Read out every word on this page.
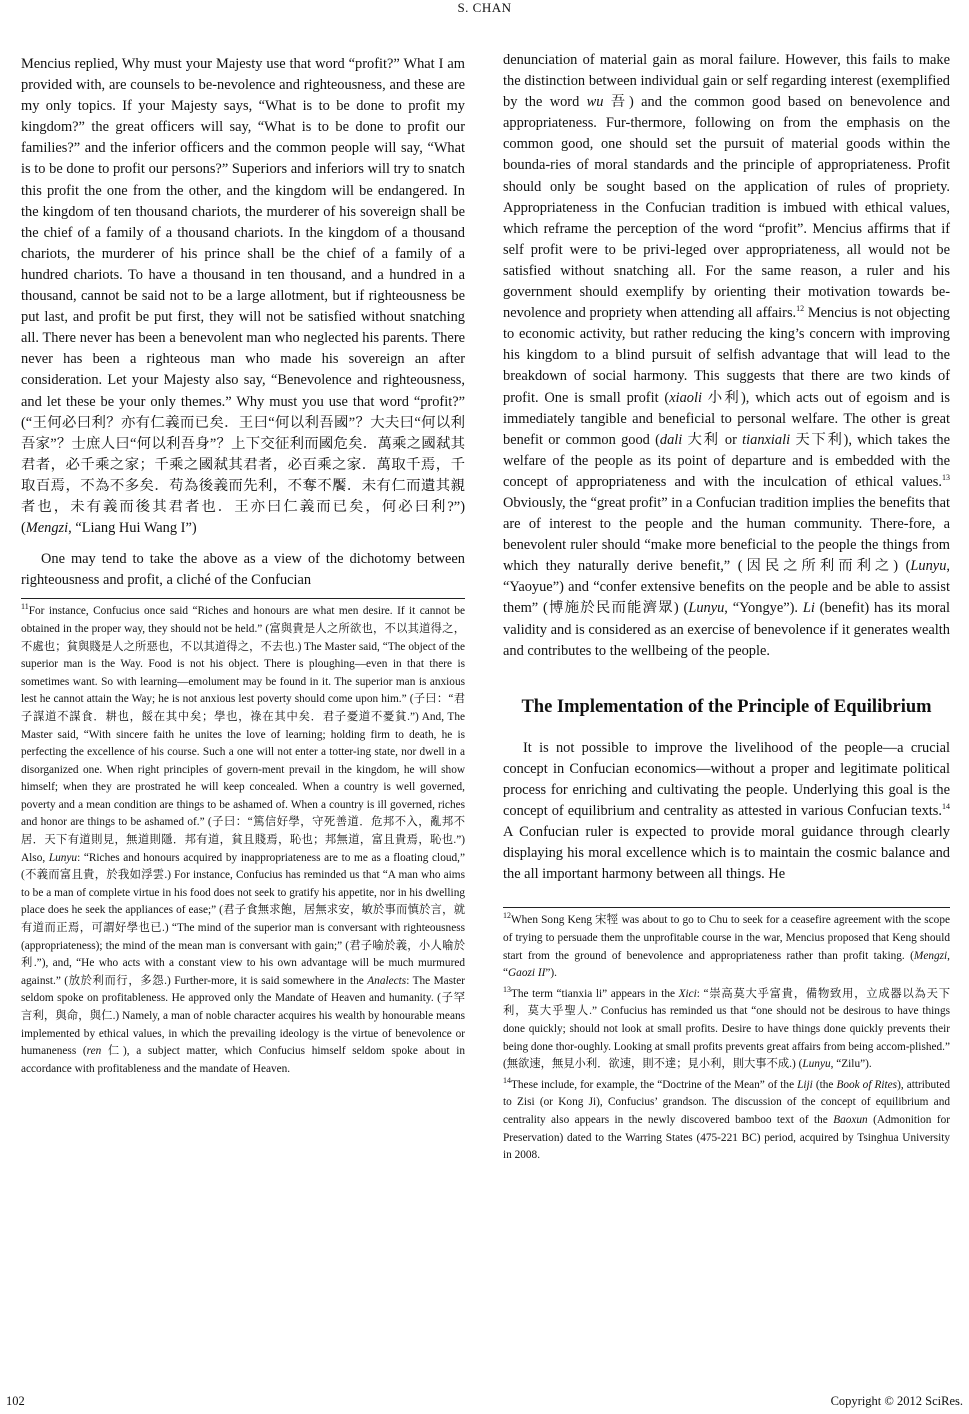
S. CHAN

Mencius replied, Why must your Majesty use that word “profit?” What I am provided with, are counsels to be-nevolence and righteousness, and these are my only topics. If your Majesty says, “What is to be done to profit my kingdom?” the great officers will say, “What is to be done to profit our families?” and the inferior officers and the common people will say, “What is to be done to profit our persons?” Superiors and inferiors will try to snatch this profit the one from the other, and the kingdom will be endangered. In the kingdom of ten thousand chariots, the murderer of his sovereign shall be the chief of a family of a thousand chariots. In the kingdom of a thousand chariots, the murderer of his prince shall be the chief of a family of a hundred chariots. To have a thousand in ten thousand, and a hundred in a thousand, cannot be said not to be a large allotment, but if righteousness be put last, and profit be put first, they will not be satisfied without snatching all. There never has been a benevolent man who neglected his parents. There never has been a righteous man who made his sovereign an after consideration. Let your Majesty also say, “Benevolence and righteousness, and let these be your only themes.” Why must you use that word “profit?” (“王何必曰利？亦有仁義而已矣．王曰“何以利吾國”？大夫曰“何以利吾家”？士庶人曰“何以利吾身”？上下交征利而國危矣．萬乘之國弒其君者，必千乘之家；千乘之國弒其君者，必百乘之家．萬取千焉，千取百焉，不為不多矣．苟為後義而先利，不奪不饜．未有仁而遺其親者也，未有義而後其君者也．王亦曰仁義而已矣，何必曰利?”) (Mengzi, “Liang Hui Wang I”)

One may tend to take the above as a view of the dichotomy between righteousness and profit, a cliché of the Confucian

$^{11}$For instance, Confucius once said “Riches and honours are what men desire. If it cannot be obtained in the proper way, they should not be held.” (富與貴是人之所欲也，不以其道得之，不處也；貧與賤是人之所惡也，不以其道得之，不去也.) The Master said, “The object of the superior man is the Way. Food is not his object. There is ploughing—even in that there is sometimes want. So with learning—emolument may be found in it. The superior man is anxious lest he cannot attain the Way; he is not anxious lest poverty should come upon him.” (子曰：“君子謀道不謀食．耕也，餒在其中矣；學也，祿在其中矣．君子憂道不憂貧.”) And, The Master said, “With sincere faith he unites the love of learning; holding firm to death, he is perfecting the excellence of his course. Such a one will not enter a totter-ing state, nor dwell in a disorganized one. When right principles of govern-ment prevail in the kingdom, he will show himself; when they are prostrated he will keep concealed. When a country is well governed, poverty and a mean condition are things to be ashamed of. When a country is ill governed, riches and honor are things to be ashamed of.” (子曰：“篤信好學，守死善道．危邦不入，亂邦不居．天下有道則見，無道則隱．邦有道，貧且賤焉，恥也；邦無道，富且貴焉，恥也.”) Also, Lunyu: “Riches and honours acquired by inappropriateness are to me as a floating cloud,” (不義而富且貴，於我如浮雲.) For instance, Confucius has reminded us that “A man who aims to be a man of complete virtue in his food does not seek to gratify his appetite, nor in his dwelling place does he seek the appliances of ease;” (君子食無求飽，居無求安，敏於事而慎於言，就有道而正焉，可謂好學也已.) “The mind of the superior man is conversant with righteousness (appropriateness); the mind of the mean man is conversant with gain;” (君子喻於義，小人喻於利.”), and, “He who acts with a constant view to his own advantage will be much murmured against.” (放於利而行，多怨.) Further-more, it is said somewhere in the Analects: The Master seldom spoke on profitableness. He approved only the Mandate of Heaven and humanity. (子罕言利，與命，與仁.) Namely, a man of noble character acquires his wealth by honourable means implemented by ethical values, in which the prevailing ideology is the virtue of benevolence or humaneness (ren 仁), a subject matter, which Confucius himself seldom spoke about in accordance with profitableness and the mandate of Heaven.

denunciation of material gain as moral failure. However, this fails to make the distinction between individual gain or self regarding interest (exemplified by the word wu 吾) and the common good based on benevolence and appropriateness. Fur-thermore, following on from the emphasis on the common good, one should set the pursuit of material goods within the bounda-ries of moral standards and the principle of appropriateness. Profit should only be sought based on the application of rules of propriety. Appropriateness in the Confucian tradition is imbued with ethical values, which reframe the perception of the word “profit”. Mencius affirms that if self profit were to be privi-leged over appropriateness, all would not be satisfied without snatching all. For the same reason, a ruler and his government should exemplify by orienting their motivation towards be-nevolence and propriety when attending all affairs.$^{12}$ Mencius is not objecting to economic activity, but rather reducing the king’s concern with improving his kingdom to a blind pursuit of selfish advantage that will lead to the breakdown of social harmony. This suggests that there are two kinds of profit. One is small profit (xiaoli 小利), which acts out of egoism and is immediately tangible and beneficial to personal welfare. The other is great benefit or common good (dali 大利 or tianxiali 天下利), which takes the welfare of the people as its point of departure and is embedded with the concept of appropriateness and with the inculcation of ethical values.$^{13}$ Obviously, the “great profit” in a Confucian tradition implies the benefits that are of interest to the people and the human community. There-fore, a benevolent ruler should “make more beneficial to the people the things from which they naturally derive benefit,” (因民之所利而利之) (Lunyu, “Yaoyue”) and “confer extensive benefits on the people and be able to assist them” (博施於民而能濟眾) (Lunyu, “Yongye”). Li (benefit) has its moral validity and is considered as an exercise of benevolence if it generates wealth and contributes to the wellbeing of the people.

The Implementation of the Principle of Equilibrium

It is not possible to improve the livelihood of the people—a crucial concept in Confucian economics—without a proper and legitimate political process for enriching and cultivating the people. Underlying this goal is the concept of equilibrium and centrality as attested in various Confucian texts.$^{14}$ A Confucian ruler is expected to provide moral guidance through clearly displaying his moral excellence which is to maintain the cosmic balance and the all important harmony between all things. He

$^{12}$When Song Keng 宋牼 was about to go to Chu to seek for a ceasefire agreement with the scope of trying to persuade them the unprofitable course in the war, Mencius proposed that Keng should start from the ground of benevolence and appropriateness rather than profit taking. (Mengzi, “Gaozi II”).

$^{13}$The term “tianxia li” appears in the Xici: “崇高莫大乎富貴，備物致用，立成器以為天下利，莫大乎聖人.” Confucius has reminded us that “one should not be desirous to have things done quickly; should not look at small profits. Desire to have things done quickly prevents their being done thor-oughly. Looking at small profits prevents great affairs from being accom-plished.” (無欲速，無見小利．欲速，則不達；見小利，則大事不成.) (Lunyu, “Zilu”).

$^{14}$These include, for example, the “Doctrine of the Mean” of the Liji (the Book of Rites), attributed to Zisi (or Kong Ji), Confucius’ grandson. The discussion of the concept of equilibrium and centrality also appears in the newly discovered bamboo text of the Baoxun (Admonition for Preservation) dated to the Warring States (475-221 BC) period, acquired by Tsinghua University in 2008.

102	Copyright © 2012 SciRes.
